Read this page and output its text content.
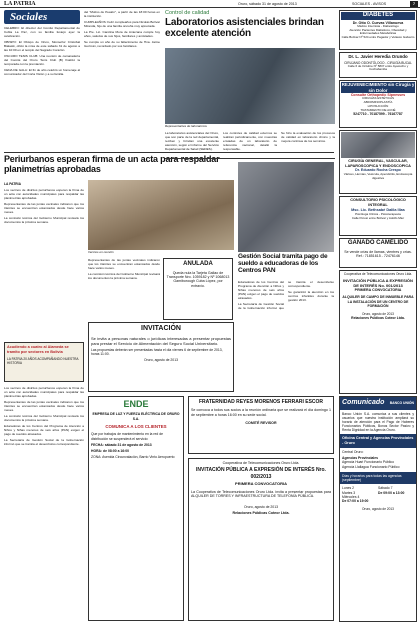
LA PATRIA	Oruro, sábado 31 de agosto de 2013	SOCIALES - AVISOS	7
Sociales

CELEBRO: El director del Comité Departamental de Cobla La Paz, con su familia festejó ayer la celebración.

OBISPO: El Obispo de Oruro, Monseñor Cristóbal Bialasik, ofició la misa de este sábado 31 de agosto a las 10:00 en el templo del Sagrado Corazón.

OSCURO TENIS CLUB: Una reunión de camaradería del Comité del Oruro Tenis Club (B) finalizó la temporada con la premiación.

CENA DE GALA: El fin de año celebró un homenaje al comunicador del Corta Visión y a su familia.

del "Molino de Peatón", a partir de las 18:00 horas en la institución.

CUMPLEAÑOS: Feliz cumpleaños para Nicolás Bolívar Miranda, hijo de una familia orureña muy apreciada.

La Pre. Lic. Carolina Mora de Antezana cumple hoy años, saludos de sus hijos, familiares y amistades.

Se cumple un año de su fallecimiento de Hna. Jaime Guzmán, recordado por sus familiares.

Control de calidad
Laboratorios asistenciales brindan excelente atención
Representantes de laboratorios

La laboratorios asistenciales del Oruro, que son parte de la red departamental, reciben y brindan una excelente atención, según el informe del Servicio Departamental de Salud (SEDES).

Los controles de calidad externos se realizan periódicamente, con muestras enviadas de un laboratorio de referencia nacional, detalló la responsable.

Se hizo la evaluación de los procesos de calidad en laboratorio clínico y la mejora continua de los servicios.

Periurbanos esperan firma de un acta para respaldar planimetrías aprobadas

LA PATRIA

Los vecinos de distritos periurbanos esperan la firma de un acta con autoridades municipales para respaldar las planimetrías aprobadas.

Representantes de las juntas vecinales indicaron que los trámites se encuentran estancados desde hace varios meses.

La comisión técnica del Gobierno Municipal revisará los documentos la próxima semana.

Vecinos en reunión

Representantes de las juntas vecinales indicaron que los trámites se encuentran estancados desde hace varios meses.

La comisión técnica del Gobierno Municipal revisará los documentos la próxima semana.

ANULADA
Queda nula la Tarjeta Gallao de Transporte Nro. 1059182 y Nº 1068013 Gamiborough Cuba López, por extravío.
Acudiendo a cuatro al Alameda se tramito por sectores en Bolivia
LA PATRIA 20 AÑOS ACOMPAÑANDO NUESTRA HISTORIA
Gestión Social tramita pago de sueldo a educadoras de los Centros PAN

Educadoras de los Centros del Programa de Atención a Niños y Niñas menores de seis años (PAN) exigen el pago de sueldos atrasados.

La Secretaría de Gestión Social de la Gobernación informó que se tramita el desembolso correspondiente.

Se garantizó la atención en los centros infantiles durante la gestión 2013.

INVITACIÓN
Se invita a personas naturales o jurídicas interesadas a presentar propuestas para prestar el Servicio de Alimentación del Seguro Social Universitario.
Las propuestas deberán ser presentadas hasta el día viernes 6 de septiembre de 2013, horas 11:00.
Oruro, agosto de 2013

Los vecinos de distritos periurbanos esperan la firma de un acta con autoridades municipales para respaldar las planimetrías aprobadas.

Representantes de las juntas vecinales indicaron que los trámites se encuentran estancados desde hace varios meses.

La comisión técnica del Gobierno Municipal revisará los documentos la próxima semana.

Educadoras de los Centros del Programa de Atención a Niños y Niñas menores de seis años (PAN) exigen el pago de sueldos atrasados.

La Secretaría de Gestión Social de la Gobernación informó que se tramita el desembolso correspondiente.

ENDE
EMPRESA DE LUZ Y FUERZA ELÉCTRICA DE ORURO S.A.
COMUNICA A LOS CLIENTES
Que por trabajos de mantenimiento en la red de distribución se suspenderá el servicio:
FECHA: sábado 31 de agosto de 2013
HORA: de 08:00 a 16:00
ZONA: Avenida Circunvalación, Barrio Vinto Aeropuerto
FRATERNIDAD REYES MORENOS FERRARI ESCOR
Se convoca a todos sus socios a la reunión ordinaria que se realizará el día domingo 1 de septiembre a horas 16:00 en su sede social.
COMITÉ REVISOR
Cooperativa de Telecomunicaciones Oruro Ltda.
INVITACIÓN PÚBLICA A EXPRESIÓN DE INTERÉS Nro. 002/2013
PRIMERA CONVOCATORIA
La Cooperativa de Telecomunicaciones Oruro Ltda. invita a presentar propuestas para ALQUILER DE TORRES Y INFRAESTRUCTURA DE TELEFONÍA PÚBLICA.
Oruro, agosto de 2013
Relaciones Públicas Coteor Ltda.
DIABETES
Dr. Otto O. Cuevas Villanueva
Médico Internista - Diabetólogo
Atención Pacientes Diabéticos, Obesidad y Enfermedades Metabólicas
Calle Bolívar Nº 524 entre Pagador y Velasco Galvarro
Dr. L. Javier Heredia Orundo
CIRUJANO ODONTÓLOGO - CIRUGÍA BUCAL
Calle 6 de Octubre Nº 5837 entre Ayacucho y Cochabamba
REJUVENECIMIENTO sin Cirugía y sin Dolor
Consulte Orthopedic Sipnesses
CIRUGÍAS ESTÉTICAS
ABDOMINOPLASTÍA
LIPOSUCCIÓN
TRATAMIENTO DE ACNÉ
5247710 - 70187599 - 76167787
CIRUGÍA GENERAL, VASCULAR, LAPAROSCOPICA Y ENDOSCOPICA
Dr. Eduardo Rocha Crespo
Várices, Hernias, Vesícula, Apendicitis, Endoscopía digestiva
CONSULTORIO PSICOLÓGICO INTEGRAL
Msc. Lic. Bethsabé Dalila Illas
Psicóloga Clínica - Psicoterapeuta
Calle Potosí entre Bolívar y Adolfo Mier
GANADO CAMÉLIDO
Se vende crías de llamas, vientres y crías. Ref.: 71851615 - 72476146
Cooperativa de Telecomunicaciones Oruro Ltda.
INVITACIÓN PÚBLICA A EXPRESIÓN DE INTERÉS No. 001/2013
PRIMERA CONVOCATORIA
ALQUILER DE CAMPO DE INMUEBLE PARA LA INSTALACIÓN DE UN CENTRO DE FORMACIÓN
Oruro, agosto de 2013
Relaciones Públicas Coteor Ltda.
Comunicado BANCO UNIÓN
Banco Unión S.A. comunica a sus clientes y usuarios que nuestra institución ampliará su horario de atención para el Pago de Haberes Funcionarios Públicos, Bonos Sector Pasivo y Renta Dignidad en la Agencia Oruro.
Oficina Central y Agencias Provinciales - Oruro
Central Oruro:
Agencias Provinciales
Agencia Huari Funcionario Público
Agencia Llallagua Funcionario Público
Días y horarios para todas las agencias (septiembre)
Lunes 2
Martes 3
Miércoles 4
De 07:00 a 19:00
Sábado 7
De 09:00 a 13:00
Oruro, agosto de 2013
